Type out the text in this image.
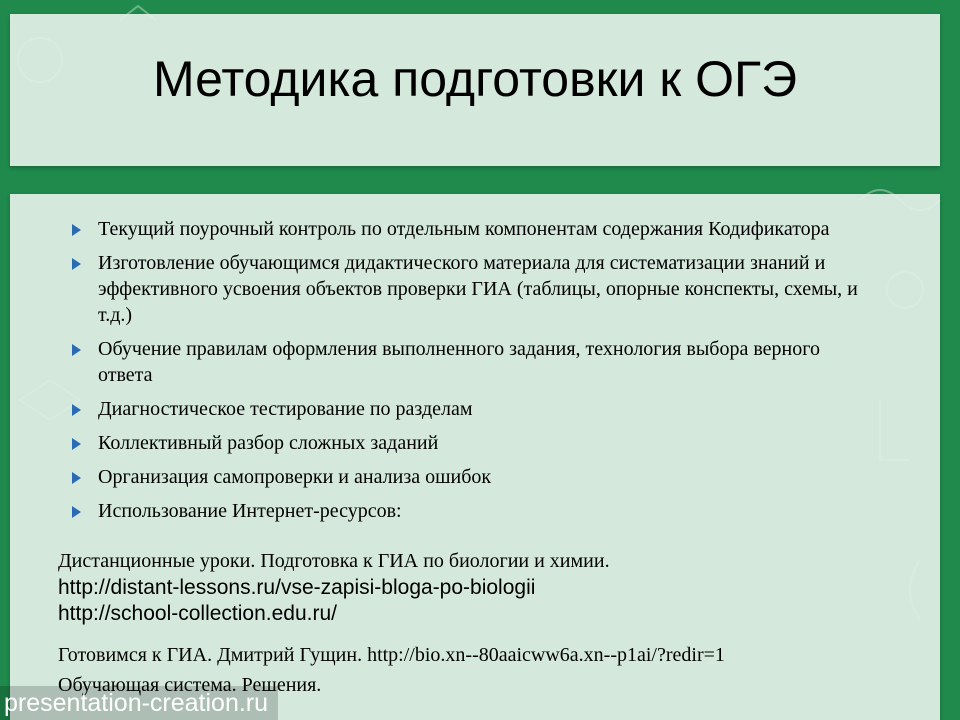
Методика подготовки к ОГЭ
Текущий поурочный контроль по отдельным компонентам содержания Кодификатора
Изготовление обучающимся дидактического материала для систематизации знаний и эффективного усвоения объектов проверки ГИА (таблицы, опорные конспекты, схемы, и т.д.)
Обучение правилам оформления выполненного задания, технология выбора верного ответа
Диагностическое тестирование по разделам
Коллективный разбор сложных заданий
Организация самопроверки и анализа ошибок
Использование Интернет-ресурсов:
Дистанционные уроки. Подготовка к ГИА по биологии и химии.
http://distant-lessons.ru/vse-zapisi-bloga-po-biologii
http://school-collection.edu.ru/
Готовимся к ГИА. Дмитрий Гущин. http://bio.xn--80aaicww6a.xn--p1ai/?redir=1
Обучающая система. Решения.
presentation-creation.ru
